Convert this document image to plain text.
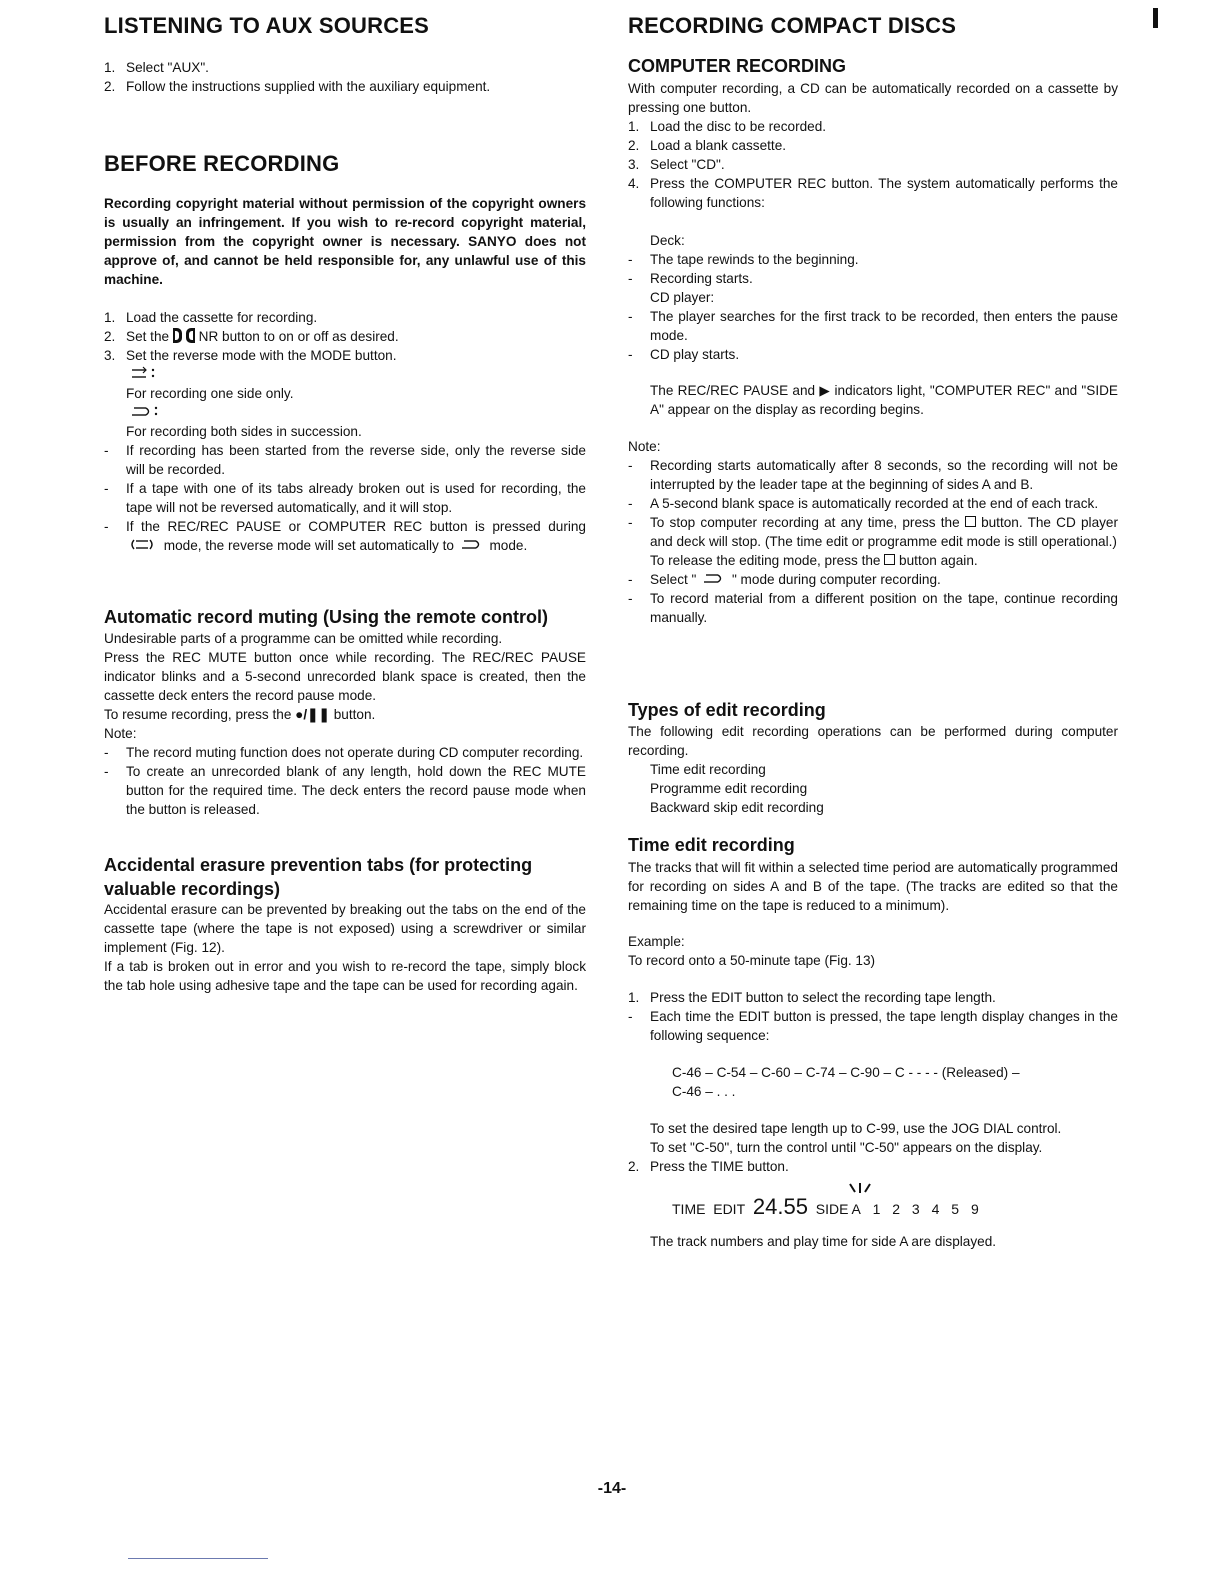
LISTENING TO AUX SOURCES
1. Select "AUX".
2. Follow the instructions supplied with the auxiliary equipment.
BEFORE RECORDING

Recording copyright material without permission of the copyright owners is usually an infringement. If you wish to re-record copyright material, permission from the copyright owner is necessary. SANYO does not approve of, and cannot be held responsible for, any unlawful use of this machine.

1. Load the cassette for recording.

2. Set the NR button to on or off as desired.

3. Set the reverse mode with the MODE button.

For recording one side only.

For recording both sides in succession.

- If recording has been started from the reverse side, only the reverse side will be recorded.
- If a tape with one of its tabs already broken out is used for recording, the tape will not be reversed automatically, and it will stop.
- If the REC/REC PAUSE or COMPUTER REC button is pressed during  mode, the reverse mode will set automatically to	mode.
Automatic record muting (Using the remote control)

Undesirable parts of a programme can be omitted while recording.

Press the REC MUTE button once while recording. The REC/REC PAUSE indicator blinks and a 5-second unrecorded blank space is created, then the cassette deck enters the record pause mode.

To resume recording, press the ●/❚❚ button.

Note:

- The record muting function does not operate during CD computer recording.
- To create an unrecorded blank of any length, hold down the REC MUTE button for the required time. The deck enters the record pause mode when the button is released.
Accidental erasure prevention tabs (for protecting valuable recordings)

Accidental erasure can be prevented by breaking out the tabs on the end of the cassette tape (where the tape is not exposed) using a screwdriver or similar implement (Fig. 12).

If a tab is broken out in error and you wish to re-record the tape, simply block the tab hole using adhesive tape and the tape can be used for recording again.

RECORDING COMPACT DISCS
COMPUTER RECORDING

With computer recording, a CD can be automatically recorded on a cassette by pressing one button.

1. Load the disc to be recorded.
2. Load a blank cassette.
3. Select "CD".
4. Press the COMPUTER REC button. The system automatically performs the following functions:

Deck:

- The tape rewinds to the beginning.
- Recording starts.

CD player:

- The player searches for the first track to be recorded, then enters the pause mode.
- CD play starts.

The REC/REC PAUSE and ▶ indicators light, "COMPUTER REC" and "SIDE A" appear on the display as recording begins.

Note:

- Recording starts automatically after 8 seconds, so the recording will not be interrupted by the leader tape at the beginning of sides A and B.
- A 5-second blank space is automatically recorded at the end of each track.
- To stop computer recording at any time, press the button. The CD player and deck will stop. (The time edit or programme edit mode is still operational.)
To release the editing mode, press the button again.
- Select "	" mode during computer recording.
- To record material from a different position on the tape, continue recording manually.
Types of edit recording

The following edit recording operations can be performed during computer recording.

Time edit recording

Programme edit recording

Backward skip edit recording

Time edit recording

The tracks that will fit within a selected time period are automatically programmed for recording on sides A and B of the tape. (The tracks are edited so that the remaining time on the tape is reduced to a minimum).

Example:

To record onto a 50-minute tape (Fig. 13)

1. Press the EDIT button to select the recording tape length.

- Each time the EDIT button is pressed, the tape length display changes in the following sequence:

C-46 – C-54 – C-60 – C-74 – C-90 – C - - - - (Released) –

C-46 – . . .

To set the desired tape length up to C-99, use the JOG DIAL control.

To set "C-50", turn the control until "C-50" appears on the display.

2. Press the TIME button.

TIME EDIT 24.55 SIDE A 1 2 3 4 5 9

The track numbers and play time for side A are displayed.

-14-
